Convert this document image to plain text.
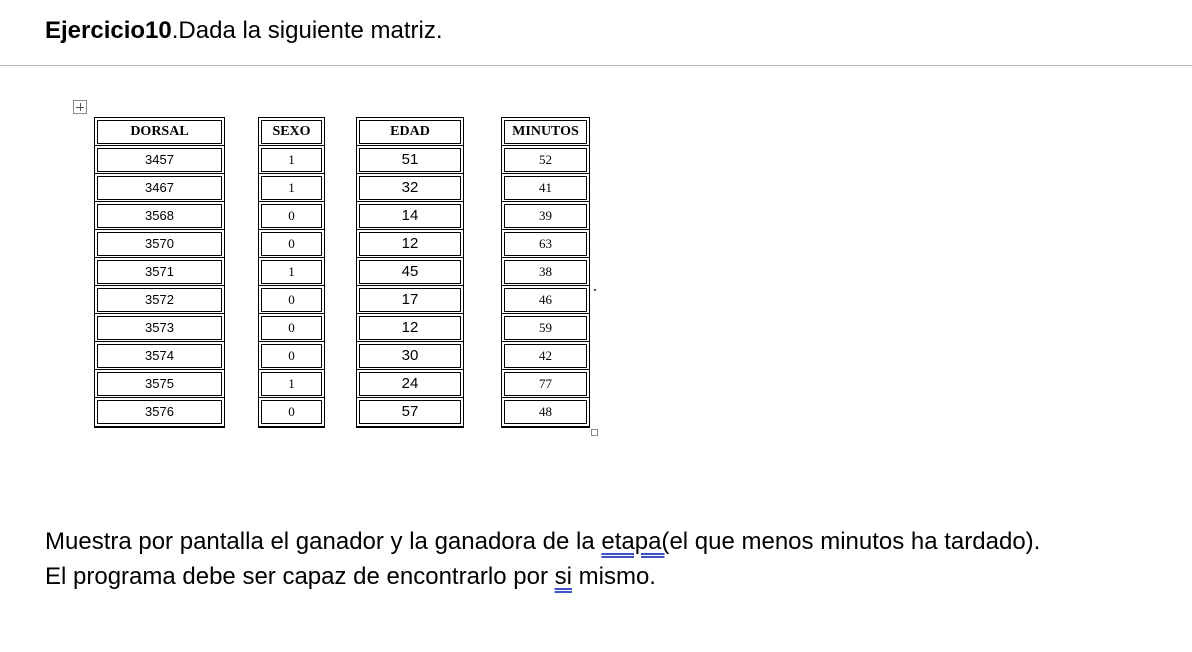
Ejercicio10.Dada la siguiente matriz.
DORSAL
3457
3467
3568
3570
3571
3572
3573
3574
3575
3576
SEXO
1
1
0
0
1
0
0
0
1
0
EDAD
51
32
14
12
45
17
12
30
24
57
MINUTOS
52
41
39
63
38
46
59
42
77
48
Muestra por pantalla el ganador y la ganadora de la etapa(el que menos minutos ha tardado).
El programa debe ser capaz de encontrarlo por si mismo.
